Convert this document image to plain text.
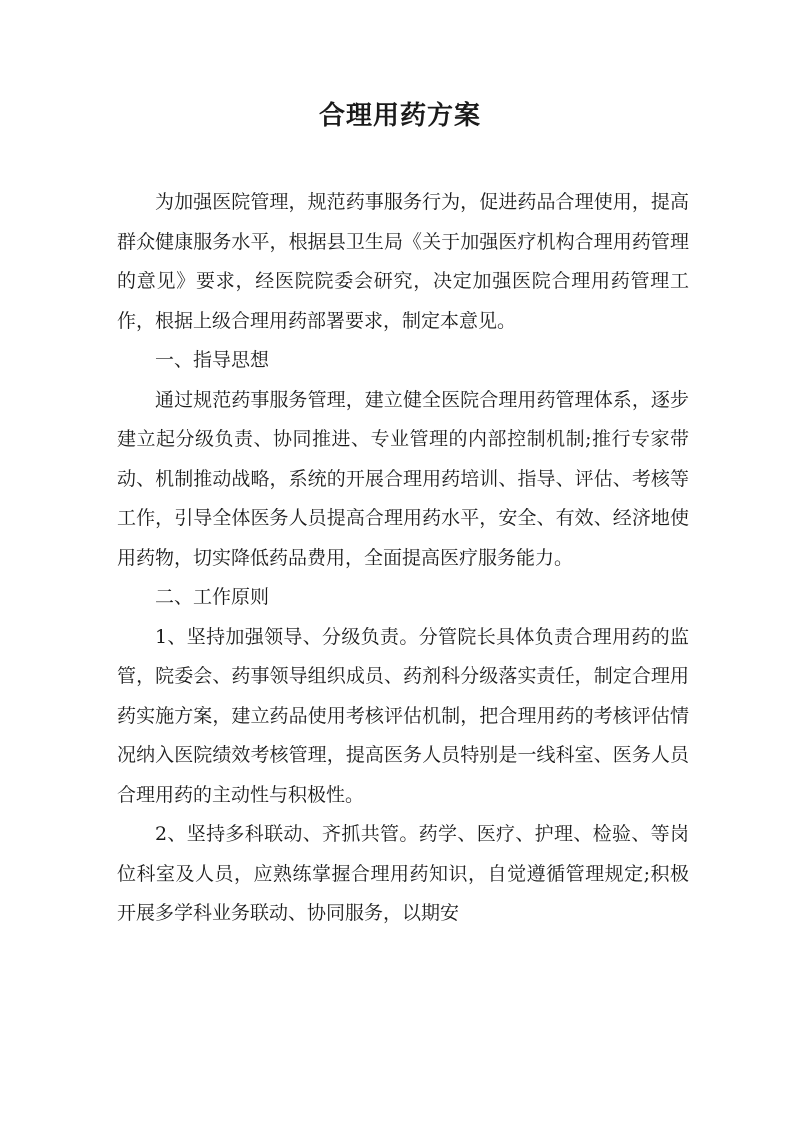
合理用药方案

为加强医院管理，规范药事服务行为，促进药品合理使用，提高群众健康服务水平，根据县卫生局《关于加强医疗机构合理用药管理的意见》要求，经医院院委会研究，决定加强医院合理用药管理工作，根据上级合理用药部署要求，制定本意见。

一、指导思想

通过规范药事服务管理，建立健全医院合理用药管理体系，逐步建立起分级负责、协同推进、专业管理的内部控制机制;推行专家带动、机制推动战略，系统的开展合理用药培训、指导、评估、考核等工作，引导全体医务人员提高合理用药水平，安全、有效、经济地使用药物，切实降低药品费用，全面提高医疗服务能力。

二、工作原则

1、坚持加强领导、分级负责。分管院长具体负责合理用药的监管，院委会、药事领导组织成员、药剂科分级落实责任，制定合理用药实施方案，建立药品使用考核评估机制，把合理用药的考核评估情况纳入医院绩效考核管理，提高医务人员特别是一线科室、医务人员合理用药的主动性与积极性。

2、坚持多科联动、齐抓共管。药学、医疗、护理、检验、等岗位科室及人员，应熟练掌握合理用药知识，自觉遵循管理规定;积极开展多学科业务联动、协同服务，以期安
